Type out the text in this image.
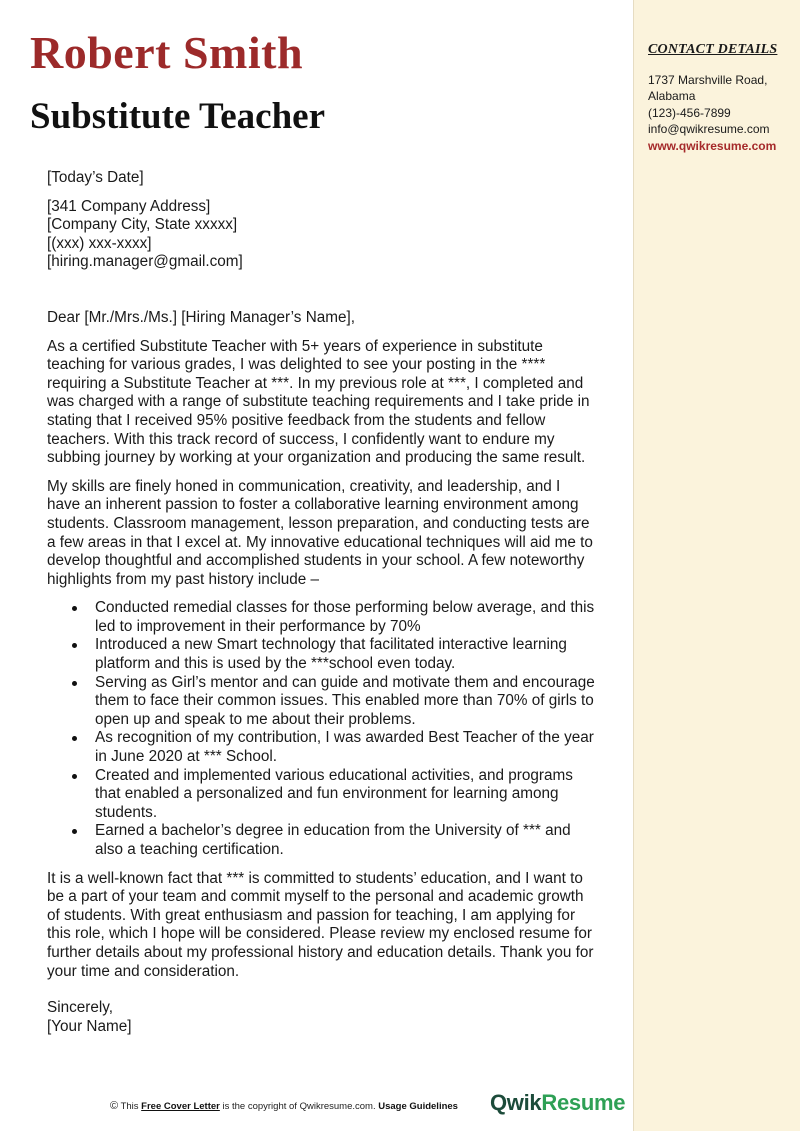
CONTACT DETAILS
1737 Marshville Road,
Alabama
(123)-456-7899
info@qwikresume.com
www.qwikresume.com
Robert Smith
Substitute Teacher

[Today’s Date]

[341 Company Address]
[Company City, State xxxxx]
[(xxx) xxx-xxxx]
[hiring.manager@gmail.com]

Dear [Mr./Mrs./Ms.] [Hiring Manager’s Name],

As a certified Substitute Teacher with 5+ years of experience in substitute teaching for various grades, I was delighted to see your posting in the **** requiring a Substitute Teacher at ***. In my previous role at ***, I completed and was charged with a range of substitute teaching requirements and I take pride in stating that I received 95% positive feedback from the students and fellow teachers. With this track record of success, I confidently want to endure my subbing journey by working at your organization and producing the same result.

My skills are finely honed in communication, creativity, and leadership, and I have an inherent passion to foster a collaborative learning environment among students. Classroom management, lesson preparation, and conducting tests are a few areas in that I excel at. My innovative educational techniques will aid me to develop thoughtful and accomplished students in your school. A few noteworthy highlights from my past history include –

Conducted remedial classes for those performing below average, and this led to improvement in their performance by 70%
Introduced a new Smart technology that facilitated interactive learning platform and this is used by the ***school even today.
Serving as Girl’s mentor and can guide and motivate them and encourage them to face their common issues. This enabled more than 70% of girls to open up and speak to me about their problems.
As recognition of my contribution, I was awarded Best Teacher of the year in June 2020 at *** School.
Created and implemented various educational activities, and programs that enabled a personalized and fun environment for learning among students.
Earned a bachelor’s degree in education from the University of *** and also a teaching certification.

It is a well-known fact that *** is committed to students’ education, and I want to be a part of your team and commit myself to the personal and academic growth of students. With great enthusiasm and passion for teaching, I am applying for this role, which I hope will be considered. Please review my enclosed resume for further details about my professional history and education details. Thank you for your time and consideration.

Sincerely,

[Your Name]

© This Free Cover Letter is the copyright of Qwikresume.com. Usage Guidelines QwikResume
